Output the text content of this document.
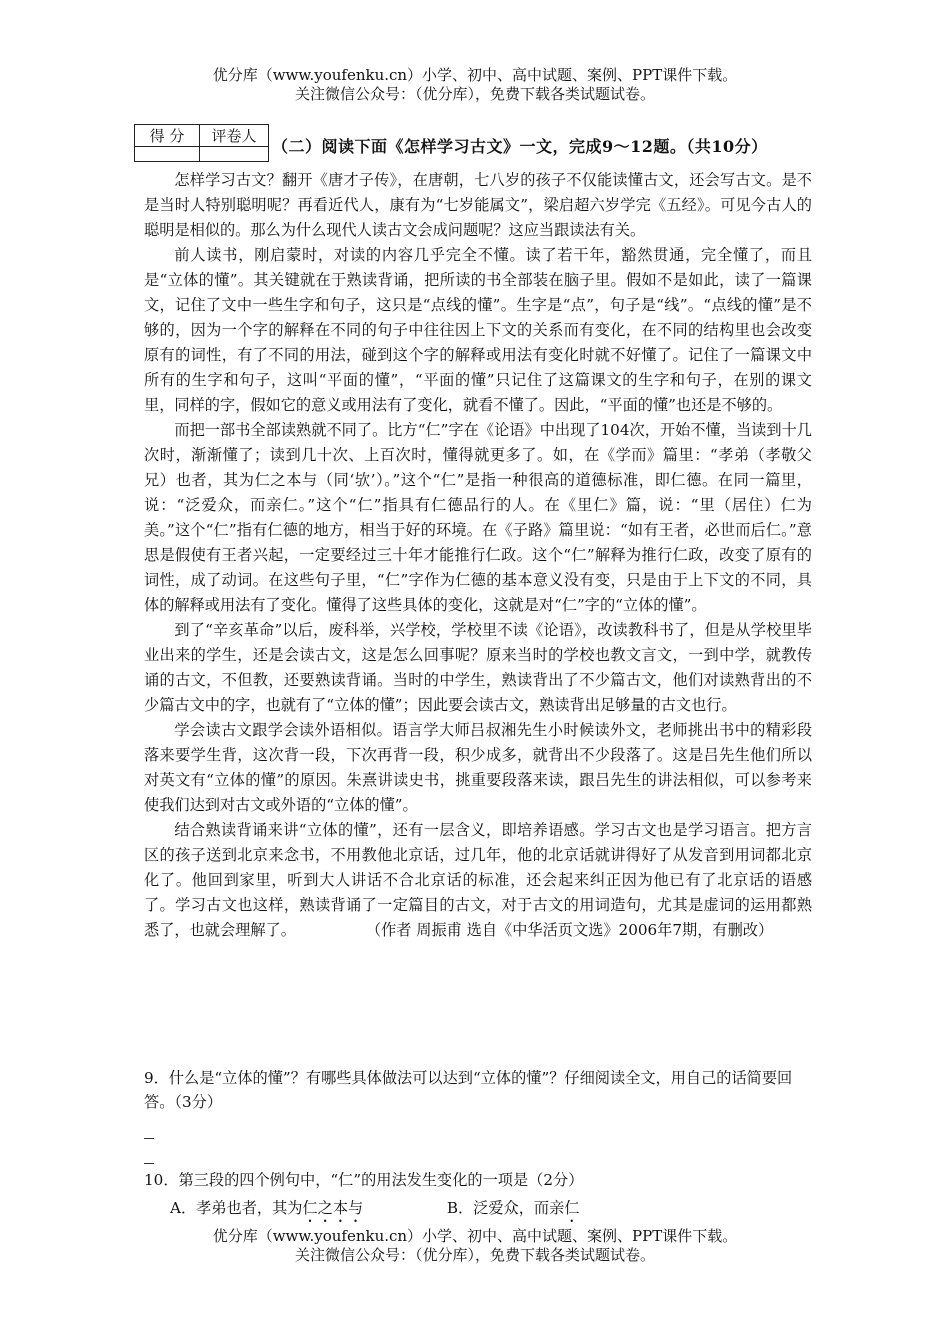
优分库（www.youfenku.cn）小学、初中、高中试题、案例、PPT课件下载。
关注微信公众号：（优分库），免费下载各类试题试卷。
得 分	评卷人

（二）阅读下面《怎样学习古文》一文，完成9～12题。（共10分）

怎样学习古文？翻开《唐才子传》，在唐朝，七八岁的孩子不仅能读懂古文，还会写古文。是不是当时人特别聪明呢？再看近代人，康有为“七岁能属文”，梁启超六岁学完《五经》。可见今古人的聪明是相似的。那么为什么现代人读古文会成问题呢？这应当跟读法有关。

前人读书，刚启蒙时，对读的内容几乎完全不懂。读了若干年，豁然贯通，完全懂了，而且是“立体的懂”。其关键就在于熟读背诵，把所读的书全部装在脑子里。假如不是如此，读了一篇课文，记住了文中一些生字和句子，这只是“点线的懂”。生字是“点”，句子是“线”。“点线的懂”是不够的，因为一个字的解释在不同的句子中往往因上下文的关系而有变化，在不同的结构里也会改变原有的词性，有了不同的用法，碰到这个字的解释或用法有变化时就不好懂了。记住了一篇课文中所有的生字和句子，这叫“平面的懂”，“平面的懂”只记住了这篇课文的生字和句子，在别的课文里，同样的字，假如它的意义或用法有了变化，就看不懂了。因此，“平面的懂”也还是不够的。

而把一部书全部读熟就不同了。比方“仁”字在《论语》中出现了104次，开始不懂，当读到十几次时，渐渐懂了；读到几十次、上百次时，懂得就更多了。如，在《学而》篇里：“孝弟（孝敬父兄）也者，其为仁之本与（同‘欤’）。”这个“仁”是指一种很高的道德标准，即仁德。在同一篇里，说：“泛爱众，而亲仁。”这个“仁”指具有仁德品行的人。在《里仁》篇，说：“里（居住）仁为美。”这个“仁”指有仁德的地方，相当于好的环境。在《子路》篇里说：“如有王者，必世而后仁。”意思是假使有王者兴起，一定要经过三十年才能推行仁政。这个“仁”解释为推行仁政，改变了原有的词性，成了动词。在这些句子里，“仁”字作为仁德的基本意义没有变，只是由于上下文的不同，具体的解释或用法有了变化。懂得了这些具体的变化，这就是对“仁”字的“立体的懂”。

到了“辛亥革命”以后，废科举，兴学校，学校里不读《论语》，改读教科书了，但是从学校里毕业出来的学生，还是会读古文，这是怎么回事呢？原来当时的学校也教文言文，一到中学，就教传诵的古文，不但教，还要熟读背诵。当时的中学生，熟读背出了不少篇古文，他们对读熟背出的不少篇古文中的字，也就有了“立体的懂”；因此要会读古文，熟读背出足够量的古文也行。

学会读古文跟学会读外语相似。语言学大师吕叔湘先生小时候读外文，老师挑出书中的精彩段落来要学生背，这次背一段，下次再背一段，积少成多，就背出不少段落了。这是吕先生他们所以对英文有“立体的懂”的原因。朱熹讲读史书，挑重要段落来读，跟吕先生的讲法相似，可以参考来使我们达到对古文或外语的“立体的懂”。

结合熟读背诵来讲“立体的懂”，还有一层含义，即培养语感。学习古文也是学习语言。把方言区的孩子送到北京来念书，不用教他北京话，过几年，他的北京话就讲得好了从发音到用词都北京化了。他回到家里，听到大人讲话不合北京话的标准，还会起来纠正因为他已有了北京话的语感了。学习古文也这样，熟读背诵了一定篇目的古文，对于古文的用词造句，尤其是虚词的运用都熟悉了，也就会理解了。	（作者 周振甫 选自《中华活页文选》2006年7期，有删改）

9．什么是“立体的懂”？有哪些具体做法可以达到“立体的懂”？仔细阅读全文，用自己的话简要回答。（3分）
10．第三段的四个例句中，“仁”的用法发生变化的一项是（2分）
A．孝弟也者，其为仁之本与	B．泛爱众，而亲仁
优分库（www.youfenku.cn）小学、初中、高中试题、案例、PPT课件下载。
关注微信公众号：（优分库），免费下载各类试题试卷。
